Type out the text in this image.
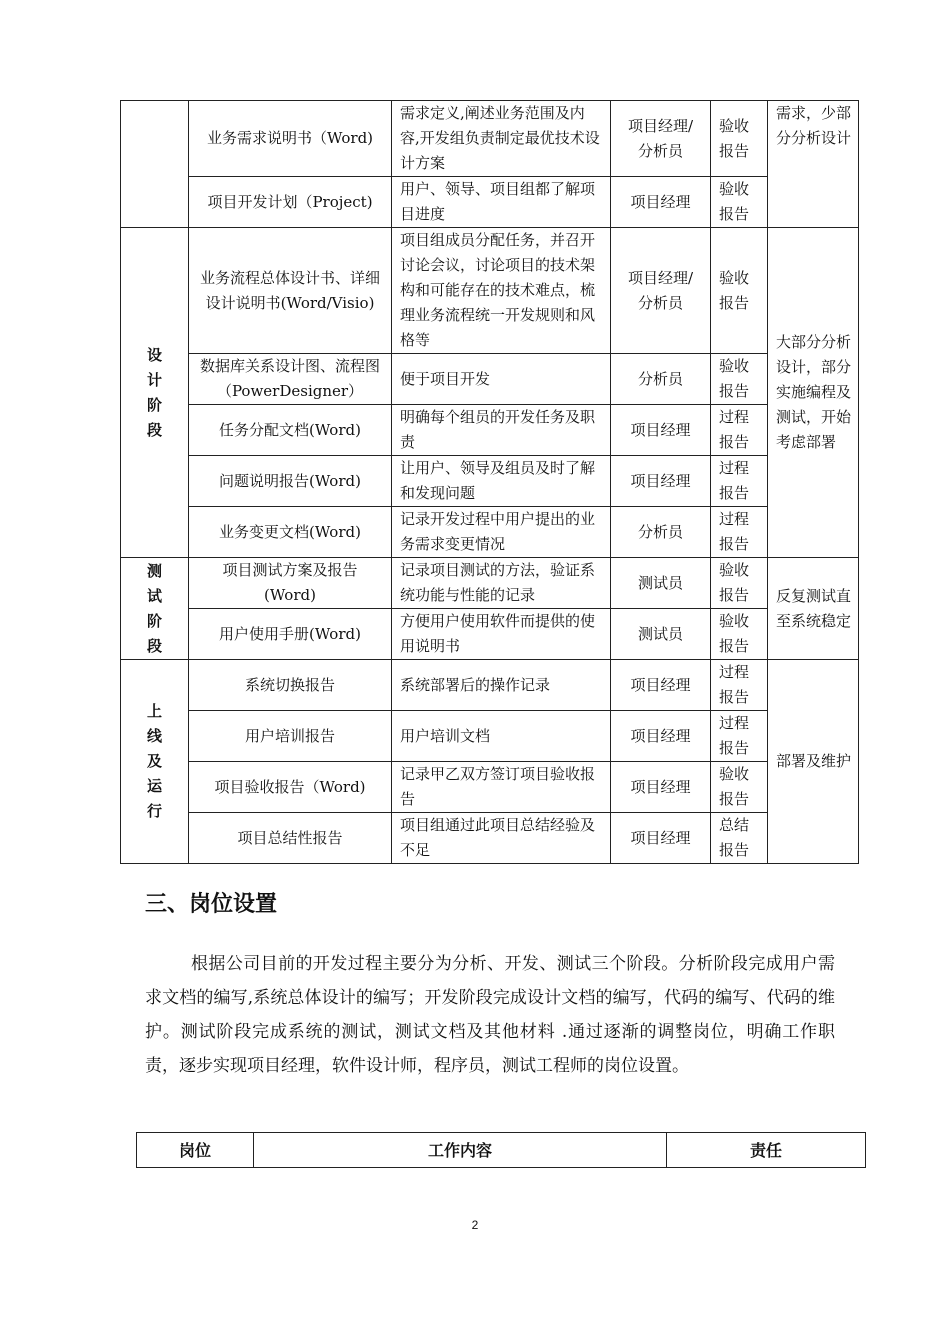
	业务需求说明书（Word)	需求定义,阐述业务范围及内容,开发组负责制定最优技术设计方案	项目经理/分析员	验收报告	需求，少部分分析设计
	项目开发计划（Project)	用户、领导、项目组都了解项目进度	项目经理	验收报告	
设计阶段	业务流程总体设计书、详细设计说明书(Word/Visio)	项目组成员分配任务，并召开讨论会议，讨论项目的技术架构和可能存在的技术难点，梳理业务流程统一开发规则和风格等	项目经理/分析员	验收报告	大部分分析设计，部分实施编程及测试，开始考虑部署
	数据库关系设计图、流程图（PowerDesigner）	便于项目开发	分析员	验收报告	
	任务分配文档(Word)	明确每个组员的开发任务及职责	项目经理	过程报告	
	问题说明报告(Word)	让用户、领导及组员及时了解和发现问题	项目经理	过程报告	
	业务变更文档(Word)	记录开发过程中用户提出的业务需求变更情况	分析员	过程报告	
测试阶段	项目测试方案及报告(Word)	记录项目测试的方法，验证系统功能与性能的记录	测试员	验收报告	反复测试直至系统稳定
	用户使用手册(Word)	方便用户使用软件而提供的使用说明书	测试员	验收报告	
上线及运行	系统切换报告	系统部署后的操作记录	项目经理	过程报告	部署及维护
	用户培训报告	用户培训文档	项目经理	过程报告	
	项目验收报告（Word)	记录甲乙双方签订项目验收报告	项目经理	验收报告	
	项目总结性报告	项目组通过此项目总结经验及不足	项目经理	总结报告	
三、岗位设置

根据公司目前的开发过程主要分为分析、开发、测试三个阶段。分析阶段完成用户需求文档的编写,系统总体设计的编写；开发阶段完成设计文档的编写，代码的编写、代码的维护。测试阶段完成系统的测试，测试文档及其他材料 .通过逐渐的调整岗位，明确工作职责，逐步实现项目经理，软件设计师，程序员，测试工程师的岗位设置。

岗位	工作内容	责任
2
